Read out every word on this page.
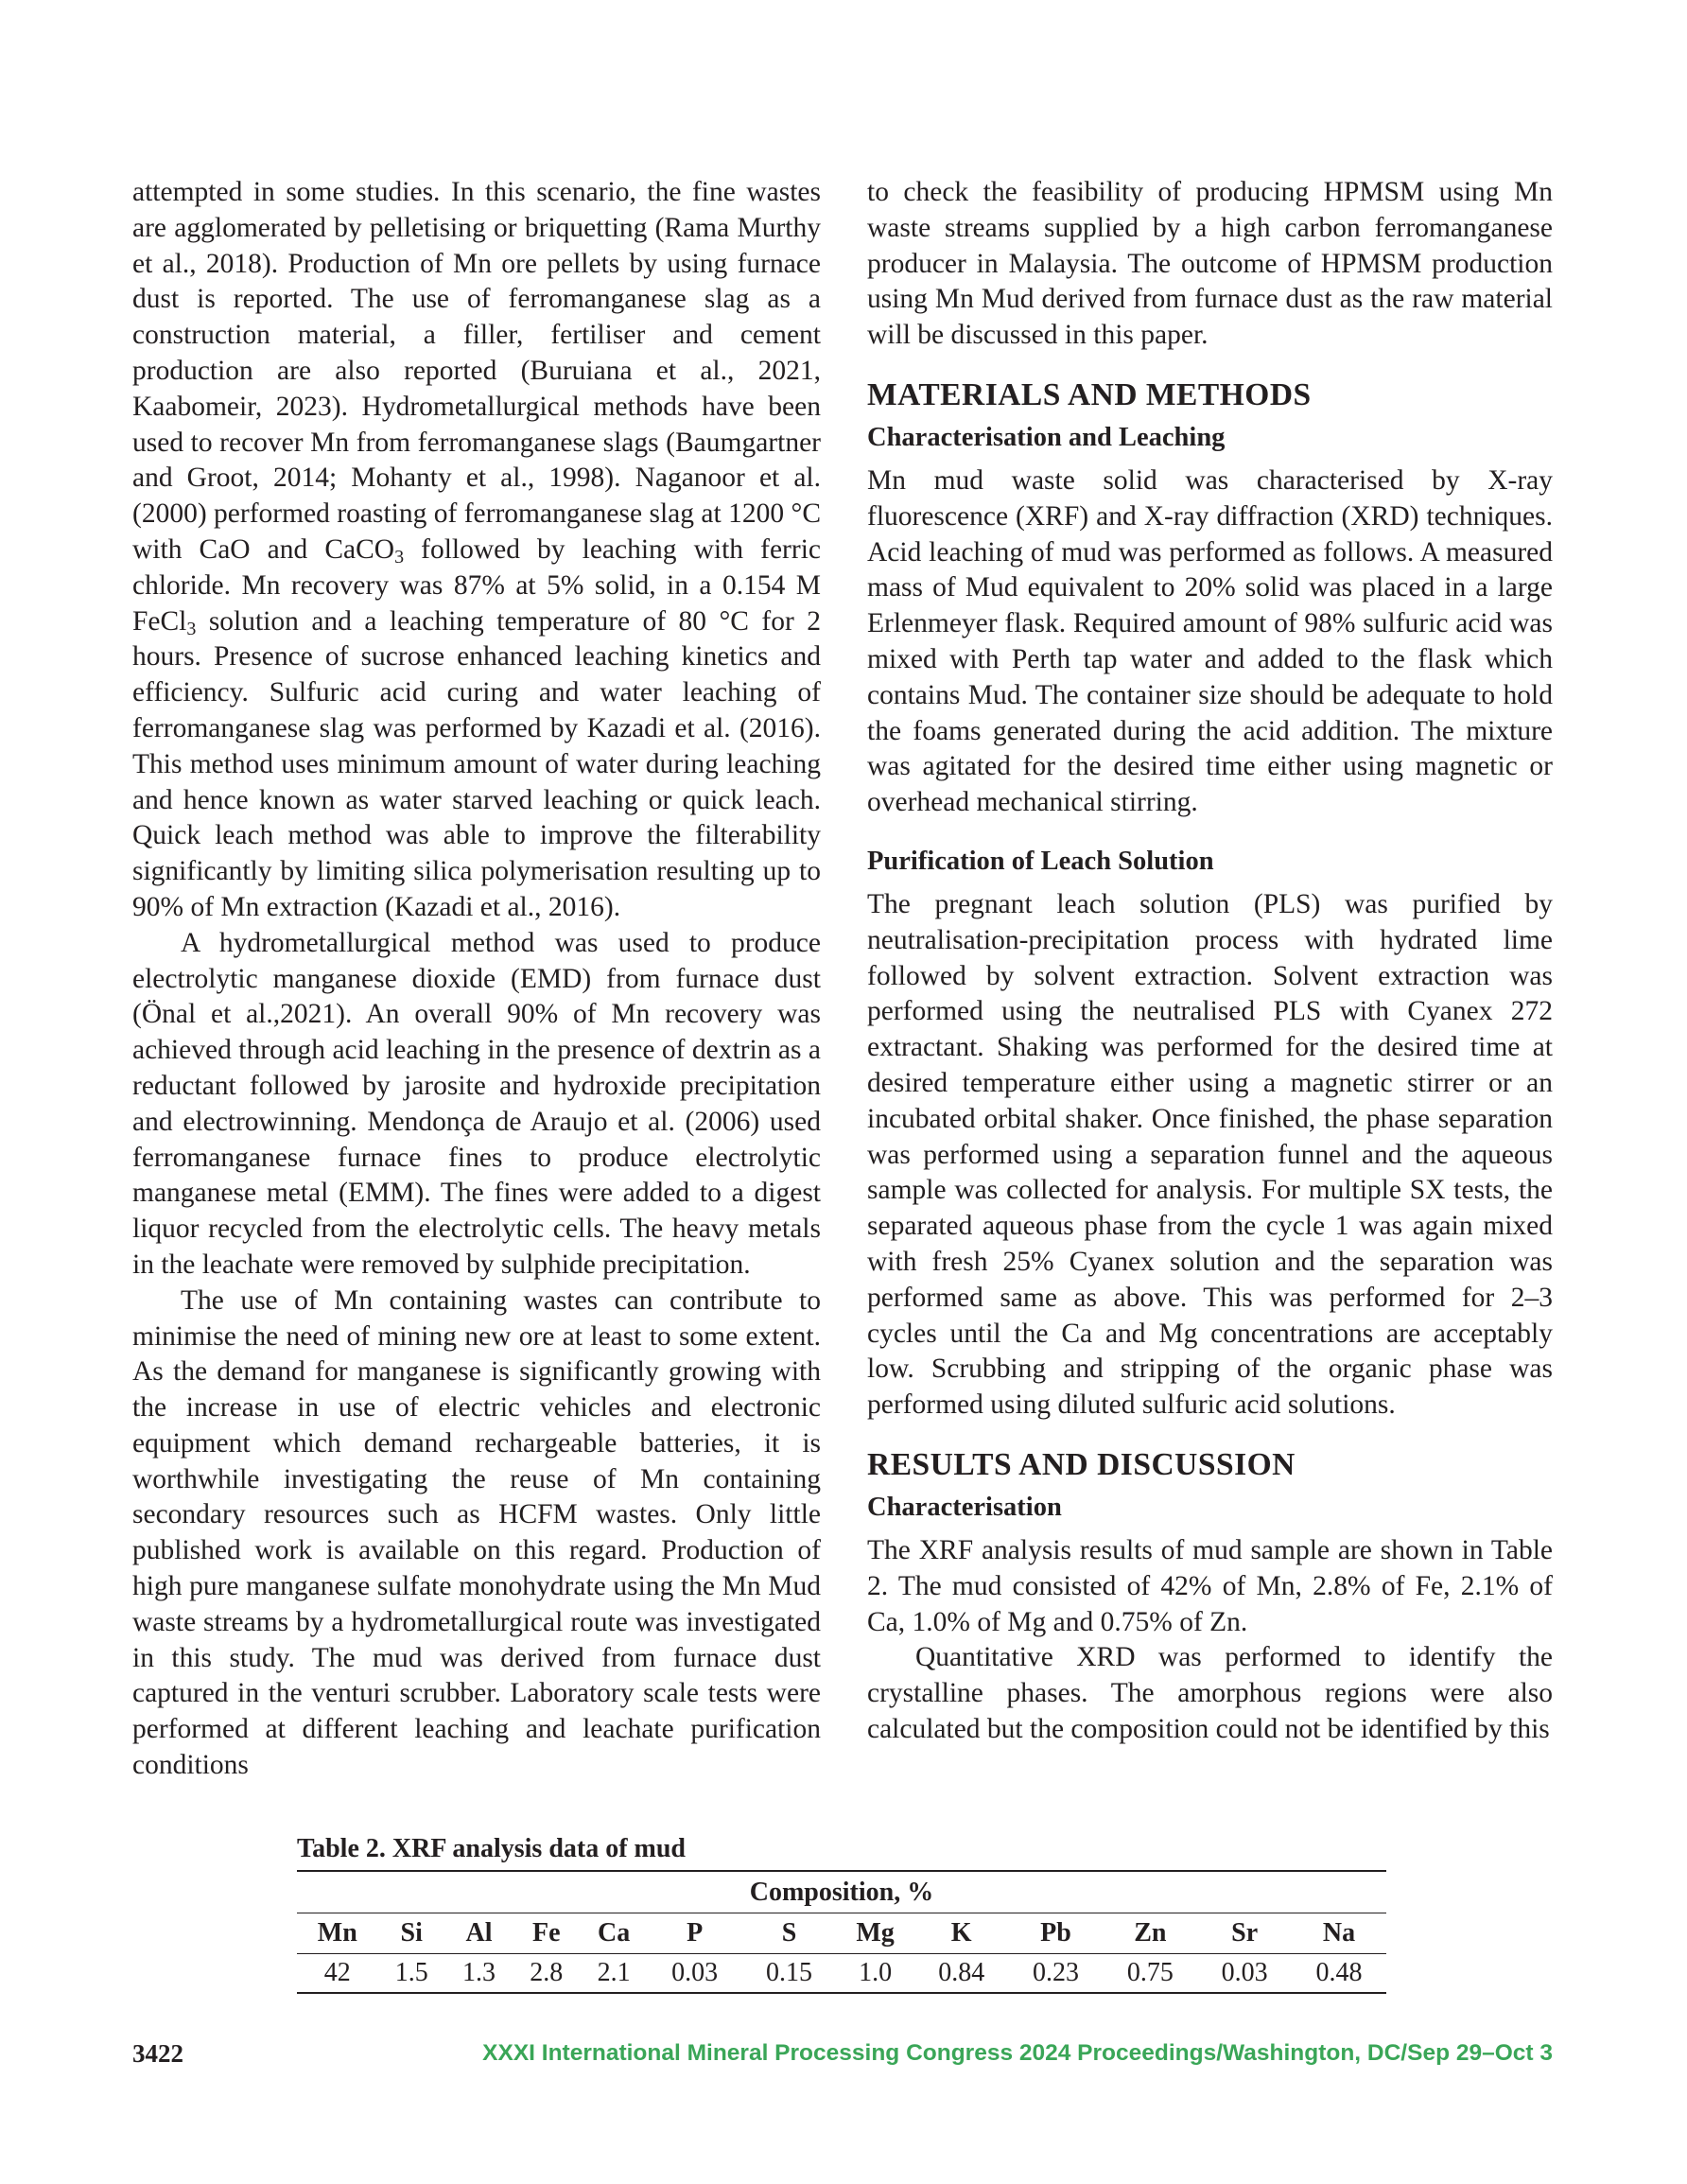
attempted in some studies. In this scenario, the fine wastes are agglomerated by pelletising or briquetting (Rama Murthy et al., 2018). Production of Mn ore pellets by using furnace dust is reported. The use of ferromanganese slag as a construction material, a filler, fertiliser and cement production are also reported (Buruiana et al., 2021, Kaabomeir, 2023). Hydrometallurgical methods have been used to recover Mn from ferromanganese slags (Baumgartner and Groot, 2014; Mohanty et al., 1998). Naganoor et al. (2000) performed roasting of ferromanganese slag at 1200 °C with CaO and CaCO$_3$ followed by leaching with ferric chloride. Mn recovery was 87% at 5% solid, in a 0.154 M FeCl$_3$ solution and a leaching temperature of 80 °C for 2 hours. Presence of sucrose enhanced leaching kinetics and efficiency. Sulfuric acid curing and water leaching of ferromanganese slag was performed by Kazadi et al. (2016). This method uses minimum amount of water during leaching and hence known as water starved leaching or quick leach. Quick leach method was able to improve the filterability significantly by limiting silica polymerisation resulting up to 90% of Mn extraction (Kazadi et al., 2016).

A hydrometallurgical method was used to produce electrolytic manganese dioxide (EMD) from furnace dust (Önal et al.,2021). An overall 90% of Mn recovery was achieved through acid leaching in the presence of dextrin as a reductant followed by jarosite and hydroxide precipitation and electrowinning. Mendonça de Araujo et al. (2006) used ferromanganese furnace fines to produce electrolytic manganese metal (EMM). The fines were added to a digest liquor recycled from the electrolytic cells. The heavy metals in the leachate were removed by sulphide precipitation.

The use of Mn containing wastes can contribute to minimise the need of mining new ore at least to some extent. As the demand for manganese is significantly growing with the increase in use of electric vehicles and electronic equipment which demand rechargeable batteries, it is worthwhile investigating the reuse of Mn containing secondary resources such as HCFM wastes. Only little published work is available on this regard. Production of high pure manganese sulfate monohydrate using the Mn Mud waste streams by a hydrometallurgical route was investigated in this study. The mud was derived from furnace dust captured in the venturi scrubber. Laboratory scale tests were performed at different leaching and leachate purification conditions

to check the feasibility of producing HPMSM using Mn waste streams supplied by a high carbon ferromanganese producer in Malaysia. The outcome of HPMSM production using Mn Mud derived from furnace dust as the raw material will be discussed in this paper.

MATERIALS AND METHODS
Characterisation and Leaching

Mn mud waste solid was characterised by X-ray fluorescence (XRF) and X-ray diffraction (XRD) techniques. Acid leaching of mud was performed as follows. A measured mass of Mud equivalent to 20% solid was placed in a large Erlenmeyer flask. Required amount of 98% sulfuric acid was mixed with Perth tap water and added to the flask which contains Mud. The container size should be adequate to hold the foams generated during the acid addition. The mixture was agitated for the desired time either using magnetic or overhead mechanical stirring.

Purification of Leach Solution

The pregnant leach solution (PLS) was purified by neutralisation-precipitation process with hydrated lime followed by solvent extraction. Solvent extraction was performed using the neutralised PLS with Cyanex 272 extractant. Shaking was performed for the desired time at desired temperature either using a magnetic stirrer or an incubated orbital shaker. Once finished, the phase separation was performed using a separation funnel and the aqueous sample was collected for analysis. For multiple SX tests, the separated aqueous phase from the cycle 1 was again mixed with fresh 25% Cyanex solution and the separation was performed same as above. This was performed for 2–3 cycles until the Ca and Mg concentrations are acceptably low. Scrubbing and stripping of the organic phase was performed using diluted sulfuric acid solutions.

RESULTS AND DISCUSSION
Characterisation

The XRF analysis results of mud sample are shown in Table 2. The mud consisted of 42% of Mn, 2.8% of Fe, 2.1% of Ca, 1.0% of Mg and 0.75% of Zn.

Quantitative XRD was performed to identify the crystalline phases. The amorphous regions were also calculated but the composition could not be identified by this

Table 2. XRF analysis data of mud
Composition, %												
Mn	Si	Al	Fe	Ca	P	S	Mg	K	Pb	Zn	Sr	Na
42	1.5	1.3	2.8	2.1	0.03	0.15	1.0	0.84	0.23	0.75	0.03	0.48
3422	XXXI International Mineral Processing Congress 2024 Proceedings/Washington, DC/Sep 29–Oct 3
